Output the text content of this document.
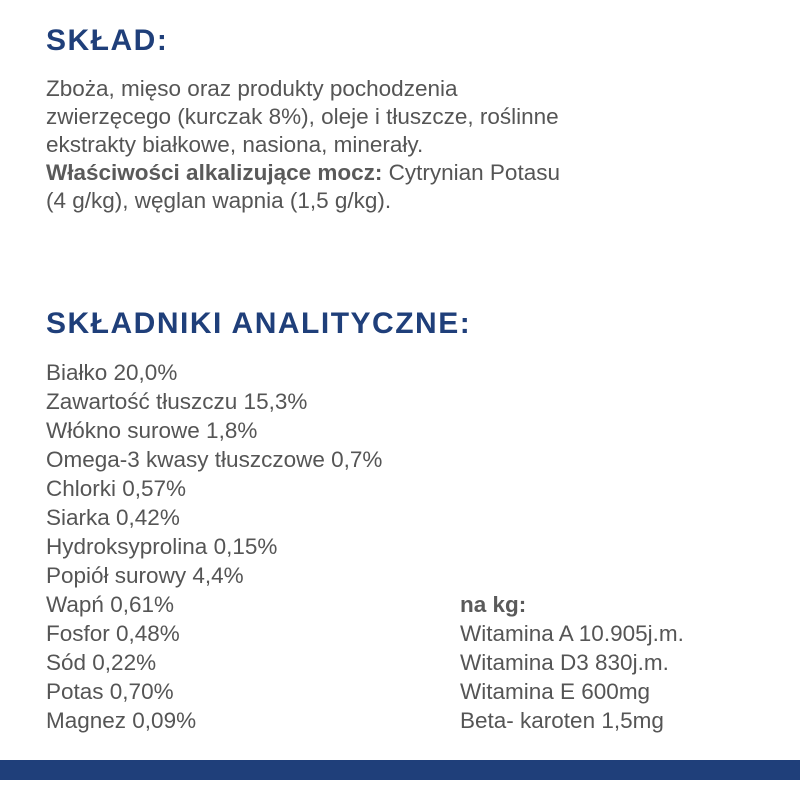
SKŁAD:

Zboża, mięso oraz produkty pochodzenia
zwierzęcego (kurczak 8%), oleje i tłuszcze, roślinne
ekstrakty białkowe, nasiona, minerały.
Właściwości alkalizujące mocz: Cytrynian Potasu
(4 g/kg), węglan wapnia (1,5 g/kg).

SKŁADNIKI ANALITYCZNE:
Białko 20,0%
Zawartość tłuszczu 15,3%
Włókno surowe 1,8%
Omega-3 kwasy tłuszczowe 0,7%
Chlorki 0,57%
Siarka 0,42%
Hydroksyprolina 0,15%
Popiół surowy 4,4%
Wapń 0,61%
Fosfor 0,48%
Sód 0,22%
Potas 0,70%
Magnez 0,09%
na kg:
Witamina A 10.905j.m.
Witamina D3 830j.m.
Witamina E 600mg
Beta- karoten 1,5mg
